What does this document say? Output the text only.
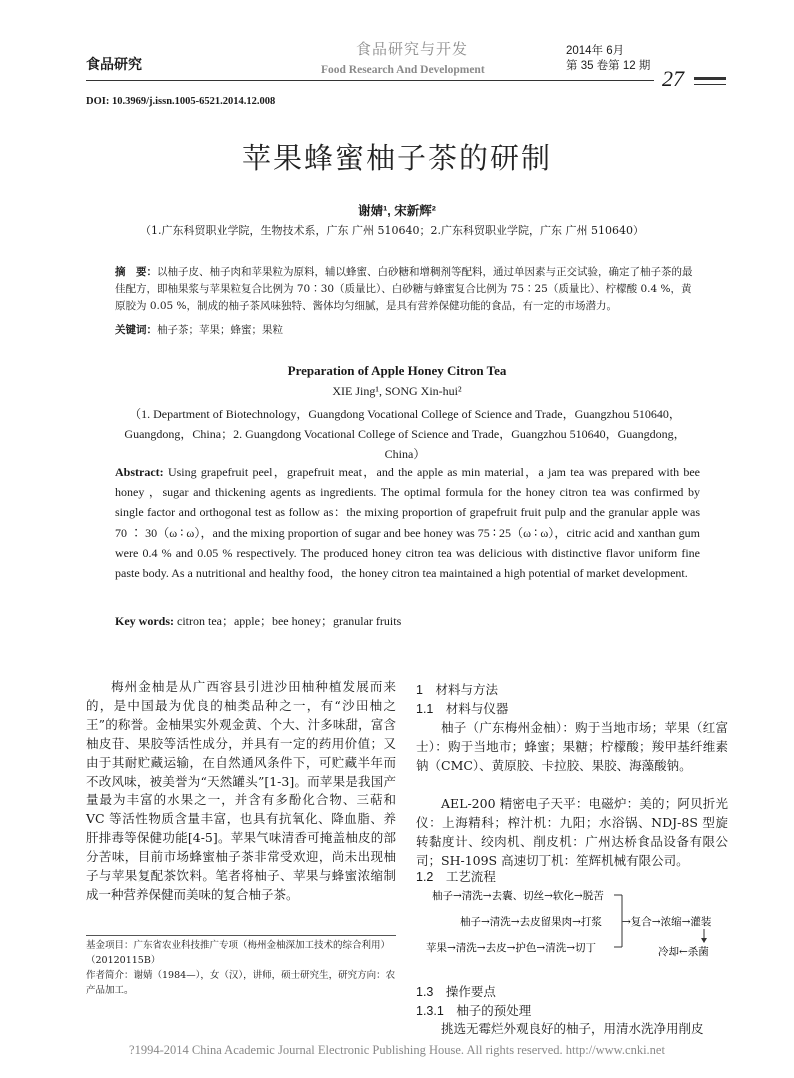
食品研究
食品研究与开发
Food Research And Development
2014年 6月
第 35 卷第 12 期 27
DOI: 10.3969/j.issn.1005-6521.2014.12.008
苹果蜂蜜柚子茶的研制
谢婧¹, 宋新辉²
（1.广东科贸职业学院，生物技术系，广东 广州 510640；2.广东科贸职业学院，广东 广州 510640）
摘　要：以柚子皮、柚子肉和苹果粒为原料，辅以蜂蜜、白砂糖和增稠剂等配料，通过单因素与正交试验，确定了柚子茶的最佳配方，即柚果浆与苹果粒复合比例为 70∶30（质量比）、白砂糖与蜂蜜复合比例为 75∶25（质量比）、柠檬酸 0.4 %，黄原胶为 0.05 %，制成的柚子茶风味独特、酱体均匀细腻，是具有营养保健功能的食品，有一定的市场潜力。
关键词：柚子茶；苹果；蜂蜜；果粒
Preparation of Apple Honey Citron Tea
XIE Jing¹, SONG Xin-hui²
（1. Department of Biotechnology，Guangdong Vocational College of Science and Trade，Guangzhou 510640，Guangdong，China；2. Guangdong Vocational College of Science and Trade，Guangzhou 510640，Guangdong，China）
Abstract: Using grapefruit peel，grapefruit meat，and the apple as min material，a jam tea was prepared with bee honey ，sugar and thickening agents as ingredients. The optimal formula for the honey citron tea was confirmed by single factor and orthogonal test as follow as：the mixing proportion of grapefruit fruit pulp and the granular apple was 70 ∶ 30（ω ∶ ω），and the mixing proportion of sugar and bee honey was 75 ∶ 25（ω ∶ ω），citric acid and xanthan gum were 0.4 % and 0.05 % respectively. The produced honey citron tea was delicious with distinctive flavor uniform fine paste body. As a nutritional and healthy food，the honey citron tea maintained a high potential of market development.
Key words: citron tea；apple；bee honey；granular fruits
梅州金柚是从广西容县引进沙田柚种植发展而来的，是中国最为优良的柚类品种之一，有“沙田柚之王”的称誉。金柚果实外观金黄、个大、汁多味甜，富含柚皮苷、果胶等活性成分，并具有一定的药用价值；又由于其耐贮藏运输，在自然通风条件下，可贮藏半年而不改风味，被美誉为“天然罐头”[1-3]。而苹果是我国产量最为丰富的水果之一，并含有多酚化合物、三萜和 VC 等活性物质含量丰富，也具有抗氧化、降血脂、养肝排毒等保健功能[4-5]。苹果气味清香可掩盖柚皮的部分苦味，目前市场蜂蜜柚子茶非常受欢迎，尚未出现柚子与苹果复配茶饮料。笔者将柚子、苹果与蜂蜜浓缩制成一种营养保健而美味的复合柚子茶。
基金项目：广东省农业科技推广专项（梅州金柚深加工技术的综合利用）（20120115B）
作者简介：谢婧（1984—），女（汉），讲师，硕士研究生，研究方向：农产品加工。
1　材料与方法
1.1　材料与仪器
柚子（广东梅州金柚）：购于当地市场；苹果（红富士）：购于当地市；蜂蜜；果糖；柠檬酸；羧甲基纤维素钠（CMC）、黄原胶、卡拉胶、果胶、海藻酸钠。
AEL-200 精密电子天平：电磁炉：美的；阿贝折光仪：上海精科；榨汁机：九阳；水浴锅、NDJ-8S 型旋转黏度计、绞肉机、削皮机：广州达桥食品设备有限公司；SH-109S 高速切丁机：笙辉机械有限公司。
1.2　工艺流程
柚子→清洗→去囊、切丝→软化→脱苦
柚子→清洗→去皮留果肉→打浆
苹果→清洗→去皮→护色→清洗→切丁
→复合→浓缩→灌装
冷却←杀菌
1.3　操作要点
1.3.1　柚子的预处理
挑选无霉烂外观良好的柚子，用清水洗净用削皮
?1994-2014 China Academic Journal Electronic Publishing House. All rights reserved. http://www.cnki.net
